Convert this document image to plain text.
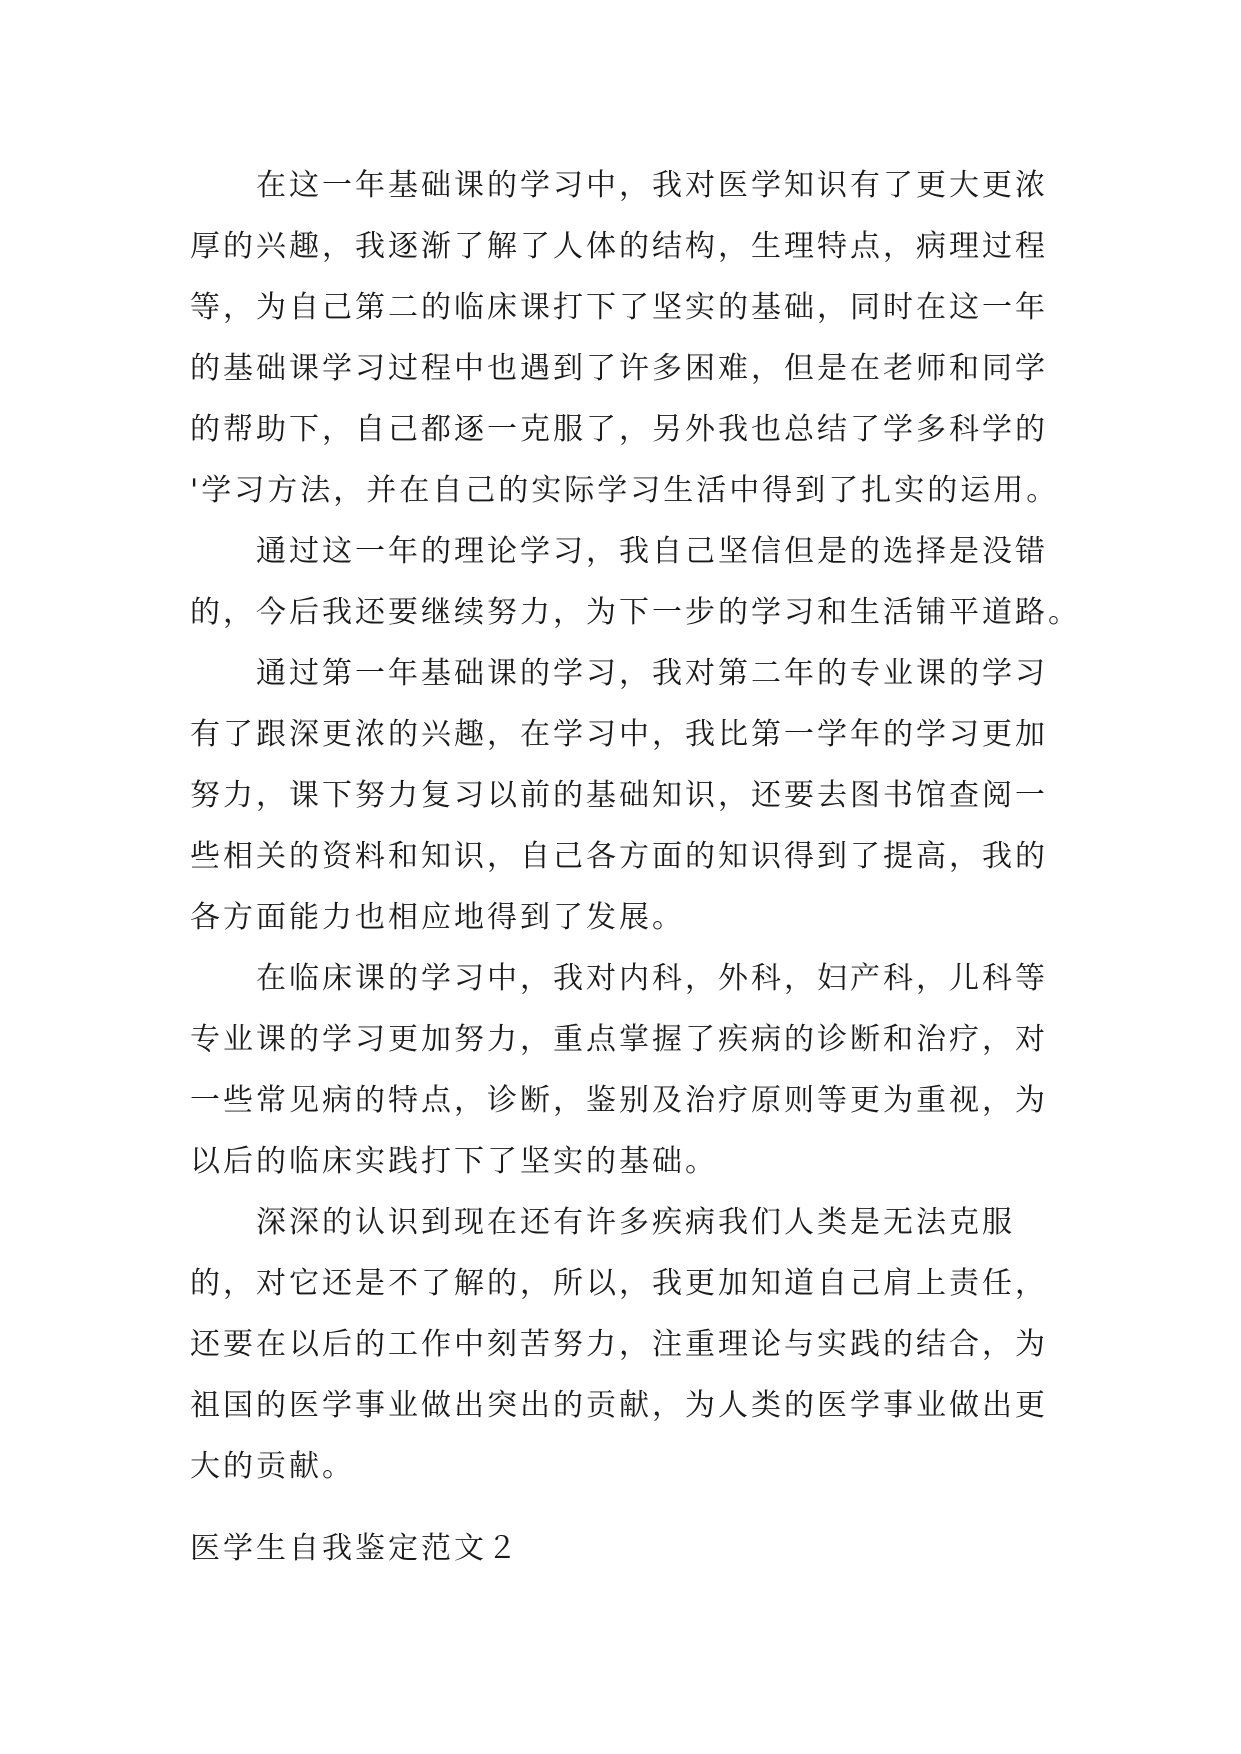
在这一年基础课的学习中，我对医学知识有了更大更浓
厚的兴趣，我逐渐了解了人体的结构，生理特点，病理过程
等，为自己第二的临床课打下了坚实的基础，同时在这一年
的基础课学习过程中也遇到了许多困难，但是在老师和同学
的帮助下，自己都逐一克服了，另外我也总结了学多科学的
'学习方法，并在自己的实际学习生活中得到了扎实的运用。

通过这一年的理论学习，我自己坚信但是的选择是没错
的，今后我还要继续努力，为下一步的学习和生活铺平道路。

通过第一年基础课的学习，我对第二年的专业课的学习
有了跟深更浓的兴趣，在学习中，我比第一学年的学习更加
努力，课下努力复习以前的基础知识，还要去图书馆查阅一
些相关的资料和知识，自己各方面的知识得到了提高，我的
各方面能力也相应地得到了发展。

在临床课的学习中，我对内科，外科，妇产科，儿科等
专业课的学习更加努力，重点掌握了疾病的诊断和治疗，对
一些常见病的特点，诊断，鉴别及治疗原则等更为重视，为
以后的临床实践打下了坚实的基础。

深深的认识到现在还有许多疾病我们人类是无法克服
的，对它还是不了解的，所以，我更加知道自己肩上责任，
还要在以后的工作中刻苦努力，注重理论与实践的结合，为
祖国的医学事业做出突出的贡献，为人类的医学事业做出更
大的贡献。

医学生自我鉴定范文２
